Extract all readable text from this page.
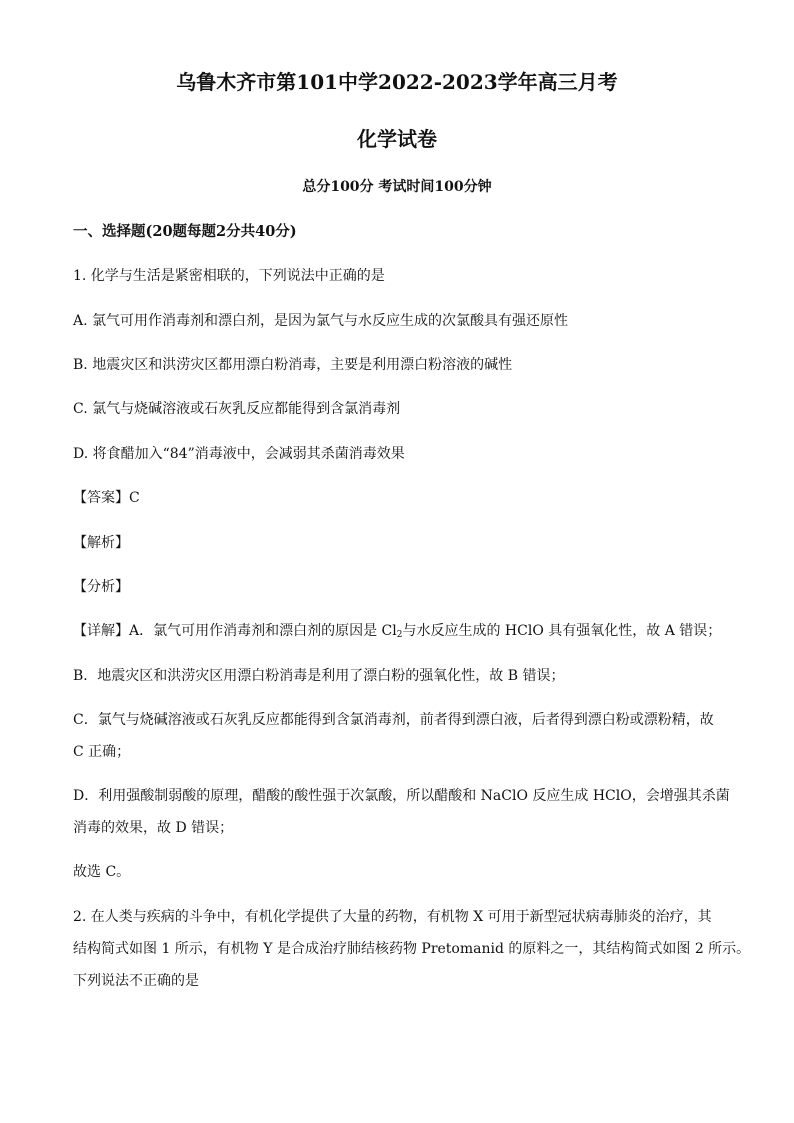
乌鲁木齐市第101中学2022-2023学年高三月考
化学试卷
总分100分 考试时间100分钟
一、选择题(20题每题2分共40分)
1. 化学与生活是紧密相联的，下列说法中正确的是
A. 氯气可用作消毒剂和漂白剂，是因为氯气与水反应生成的次氯酸具有强还原性
B. 地震灾区和洪涝灾区都用漂白粉消毒，主要是利用漂白粉溶液的碱性
C. 氯气与烧碱溶液或石灰乳反应都能得到含氯消毒剂
D. 将食醋加入“84”消毒液中，会减弱其杀菌消毒效果
【答案】C
【解析】
【分析】
【详解】A．氯气可用作消毒剂和漂白剂的原因是 $Cl_2$与水反应生成的 HClO 具有强氧化性，故 A 错误；
B．地震灾区和洪涝灾区用漂白粉消毒是利用了漂白粉的强氧化性，故 B 错误；
C．氯气与烧碱溶液或石灰乳反应都能得到含氯消毒剂，前者得到漂白液，后者得到漂白粉或漂粉精，故
C 正确；
D．利用强酸制弱酸的原理，醋酸的酸性强于次氯酸，所以醋酸和 NaClO 反应生成 HClO，会增强其杀菌
消毒的效果，故 D 错误；
故选 C。
2. 在人类与疾病的斗争中，有机化学提供了大量的药物，有机物 X 可用于新型冠状病毒肺炎的治疗，其
结构简式如图 1 所示，有机物 Y 是合成治疗肺结核药物 Pretomanid 的原料之一，其结构简式如图 2 所示。
下列说法不正确的是
